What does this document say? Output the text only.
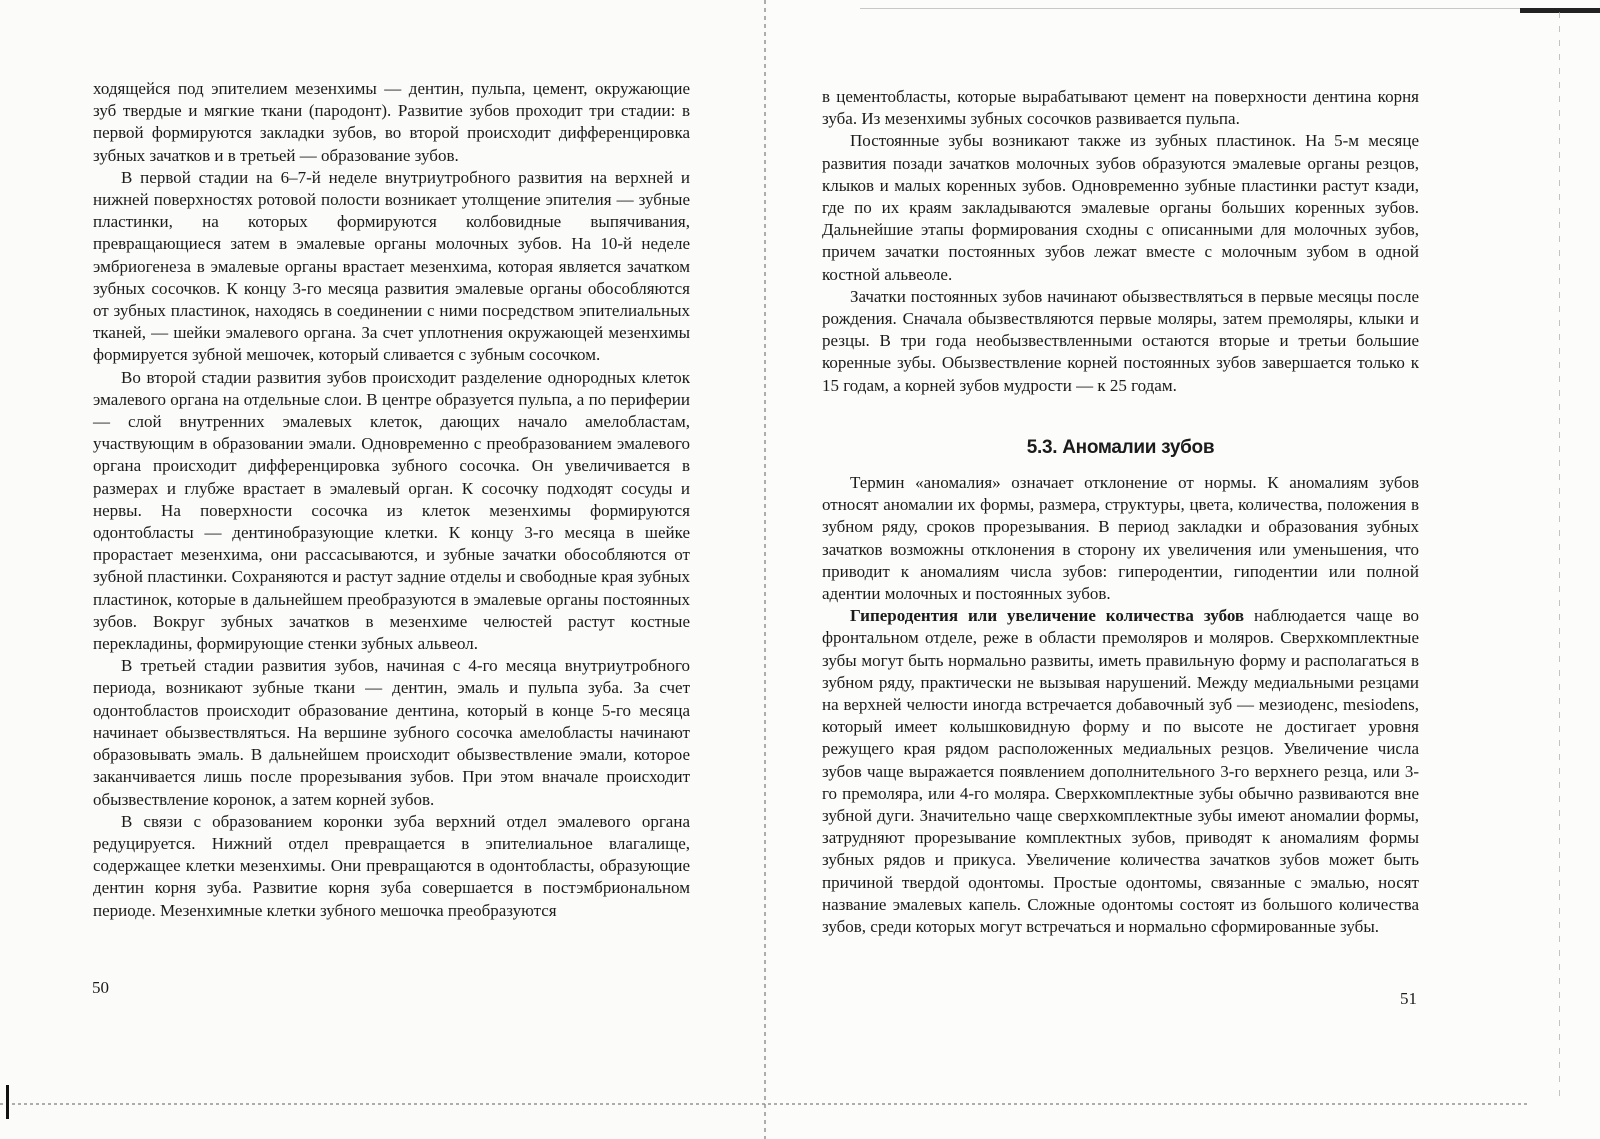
ходящейся под эпителием мезенхимы — дентин, пульпа, цемент, окружающие зуб твердые и мягкие ткани (пародонт). Развитие зубов проходит три стадии: в первой формируются закладки зубов, во второй происходит дифференцировка зубных зачатков и в третьей — образование зубов.

В первой стадии на 6–7-й неделе внутриутробного развития на верхней и нижней поверхностях ротовой полости возникает утолщение эпителия — зубные пластинки, на которых формируются колбовидные выпячивания, превращающиеся затем в эмалевые органы молочных зубов. На 10-й неделе эмбриогенеза в эмалевые органы врастает мезенхима, которая является зачатком зубных сосочков. К концу 3-го месяца развития эмалевые органы обособляются от зубных пластинок, находясь в соединении с ними посредством эпителиальных тканей, — шейки эмалевого органа. За счет уплотнения окружающей мезенхимы формируется зубной мешочек, который сливается с зубным сосочком.

Во второй стадии развития зубов происходит разделение однородных клеток эмалевого органа на отдельные слои. В центре образуется пульпа, а по периферии — слой внутренних эмалевых клеток, дающих начало амелобластам, участвующим в образовании эмали. Одновременно с преобразованием эмалевого органа происходит дифференцировка зубного сосочка. Он увеличивается в размерах и глубже врастает в эмалевый орган. К сосочку подходят сосуды и нервы. На поверхности сосочка из клеток мезенхимы формируются одонтобласты — дентинобразующие клетки. К концу 3-го месяца в шейке прорастает мезенхима, они рассасываются, и зубные зачатки обособляются от зубной пластинки. Сохраняются и растут задние отделы и свободные края зубных пластинок, которые в дальнейшем преобразуются в эмалевые органы постоянных зубов. Вокруг зубных зачатков в мезенхиме челюстей растут костные перекладины, формирующие стенки зубных альвеол.

В третьей стадии развития зубов, начиная с 4-го месяца внутриутробного периода, возникают зубные ткани — дентин, эмаль и пульпа зуба. За счет одонтобластов происходит образование дентина, который в конце 5-го месяца начинает обызвествляться. На вершине зубного сосочка амелобласты начинают образовывать эмаль. В дальнейшем происходит обызвествление эмали, которое заканчивается лишь после прорезывания зубов. При этом вначале происходит обызвествление коронок, а затем корней зубов.

В связи с образованием коронки зуба верхний отдел эмалевого органа редуцируется. Нижний отдел превращается в эпителиальное влагалище, содержащее клетки мезенхимы. Они превращаются в одонтобласты, образующие дентин корня зуба. Развитие корня зуба совершается в постэмбриональном периоде. Мезенхимные клетки зубного мешочка преобразуются

50

в цементобласты, которые вырабатывают цемент на поверхности дентина корня зуба. Из мезенхимы зубных сосочков развивается пульпа.

Постоянные зубы возникают также из зубных пластинок. На 5-м месяце развития позади зачатков молочных зубов образуются эмалевые органы резцов, клыков и малых коренных зубов. Одновременно зубные пластинки растут кзади, где по их краям закладываются эмалевые органы больших коренных зубов. Дальнейшие этапы формирования сходны с описанными для молочных зубов, причем зачатки постоянных зубов лежат вместе с молочным зубом в одной костной альвеоле.

Зачатки постоянных зубов начинают обызвествляться в первые месяцы после рождения. Сначала обызвествляются первые моляры, затем премоляры, клыки и резцы. В три года необызвествленными остаются вторые и третьи большие коренные зубы. Обызвествление корней постоянных зубов завершается только к 15 годам, а корней зубов мудрости — к 25 годам.

5.3. Аномалии зубов

Термин «аномалия» означает отклонение от нормы. К аномалиям зубов относят аномалии их формы, размера, структуры, цвета, количества, положения в зубном ряду, сроков прорезывания. В период закладки и образования зубных зачатков возможны отклонения в сторону их увеличения или уменьшения, что приводит к аномалиям числа зубов: гиперодентии, гиподентии или полной адентии молочных и постоянных зубов.

Гиперодентия или увеличение количества зубов наблюдается чаще во фронтальном отделе, реже в области премоляров и моляров. Сверхкомплектные зубы могут быть нормально развиты, иметь правильную форму и располагаться в зубном ряду, практически не вызывая нарушений. Между медиальными резцами на верхней челюсти иногда встречается добавочный зуб — мезиоденс, mesiodens, который имеет колышковидную форму и по высоте не достигает уровня режущего края рядом расположенных медиальных резцов. Увеличение числа зубов чаще выражается появлением дополнительного 3-го верхнего резца, или 3-го премоляра, или 4-го моляра. Сверхкомплектные зубы обычно развиваются вне зубной дуги. Значительно чаще сверхкомплектные зубы имеют аномалии формы, затрудняют прорезывание комплектных зубов, приводят к аномалиям формы зубных рядов и прикуса. Увеличение количества зачатков зубов может быть причиной твердой одонтомы. Простые одонтомы, связанные с эмалью, носят название эмалевых капель. Сложные одонтомы состоят из большого количества зубов, среди которых могут встречаться и нормально сформированные зубы.

51
